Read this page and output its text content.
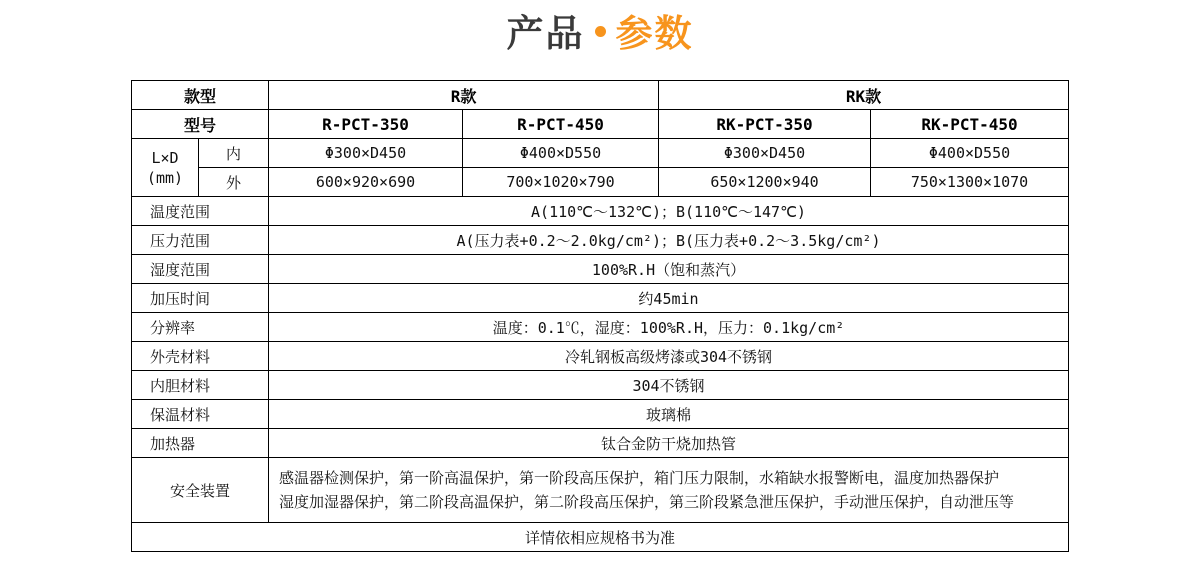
产品 参数
款型		R款		RK款	
型号		R-PCT-350	R-PCT-450	RK-PCT-350	RK-PCT-450

L×D
(mm)	内	Φ300×D450	Φ400×D550	Φ300×D450	Φ400×D550
	外	600×920×690	700×1020×790	650×1200×940	750×1300×1070
温度范围		A(110℃～132℃)；B(110℃～147℃)			
压力范围		A(压力表+0.2～2.0kg/cm²)；B(压力表+0.2～3.5kg/cm²)			
湿度范围		100%R.H（饱和蒸汽）			
加压时间		约45min			
分辨率		温度：0.1℃，湿度：100%R.H，压力：0.1kg/cm²			
外壳材料		冷轧钢板高级烤漆或304不锈钢			
内胆材料		304不锈钢			
保温材料		玻璃棉			
加热器		钛合金防干烧加热管			
安全装置		感温器检测保护，第一阶高温保护，第一阶段高压保护，箱门压力限制，水箱缺水报警断电，温度加热器保护
湿度加湿器保护，第二阶段高温保护，第二阶段高压保护，第三阶段紧急泄压保护，手动泄压保护，自动泄压等			

详情依相应规格书为准					
